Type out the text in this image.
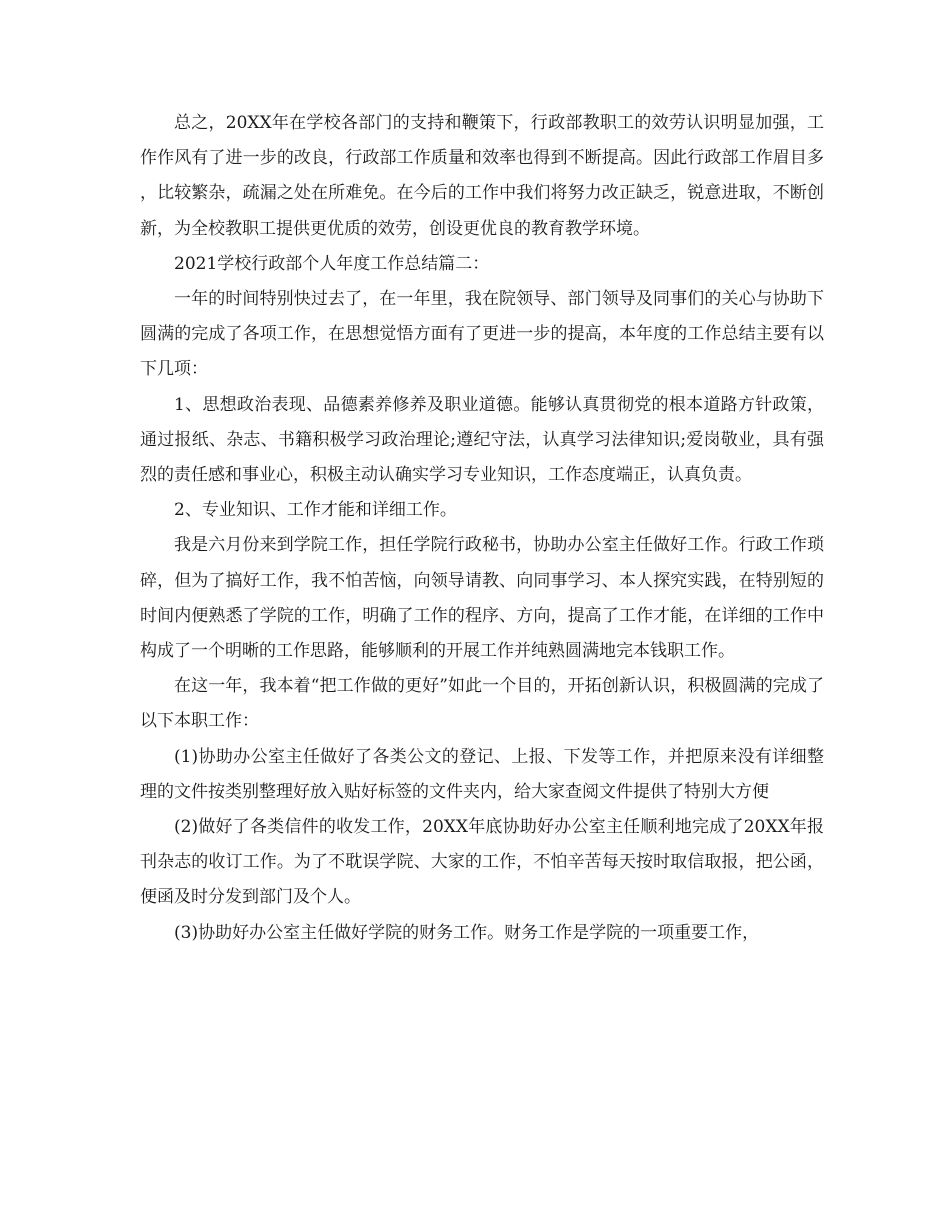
总之，20XX年在学校各部门的支持和鞭策下，行政部教职工的效劳认识明显加强，工作作风有了进一步的改良，行政部工作质量和效率也得到不断提高。因此行政部工作眉目多，比较繁杂，疏漏之处在所难免。在今后的工作中我们将努力改正缺乏，锐意进取，不断创新，为全校教职工提供更优质的效劳，创设更优良的教育教学环境。

2021学校行政部个人年度工作总结篇二：

一年的时间特别快过去了，在一年里，我在院领导、部门领导及同事们的关心与协助下圆满的完成了各项工作，在思想觉悟方面有了更进一步的提高，本年度的工作总结主要有以下几项：

1、思想政治表现、品德素养修养及职业道德。能够认真贯彻党的根本道路方针政策，通过报纸、杂志、书籍积极学习政治理论;遵纪守法，认真学习法律知识;爱岗敬业，具有强烈的责任感和事业心，积极主动认确实学习专业知识，工作态度端正，认真负责。

2、专业知识、工作才能和详细工作。

我是六月份来到学院工作，担任学院行政秘书，协助办公室主任做好工作。行政工作琐碎，但为了搞好工作，我不怕苦恼，向领导请教、向同事学习、本人探究实践，在特别短的时间内便熟悉了学院的工作，明确了工作的程序、方向，提高了工作才能，在详细的工作中构成了一个明晰的工作思路，能够顺利的开展工作并纯熟圆满地完本钱职工作。

在这一年，我本着“把工作做的更好”如此一个目的，开拓创新认识，积极圆满的完成了以下本职工作：

(1)协助办公室主任做好了各类公文的登记、上报、下发等工作，并把原来没有详细整理的文件按类别整理好放入贴好标签的文件夹内，给大家查阅文件提供了特别大方便

(2)做好了各类信件的收发工作，20XX年底协助好办公室主任顺利地完成了20XX年报刊杂志的收订工作。为了不耽误学院、大家的工作，不怕辛苦每天按时取信取报，把公函，便函及时分发到部门及个人。

(3)协助好办公室主任做好学院的财务工作。财务工作是学院的一项重要工作，
